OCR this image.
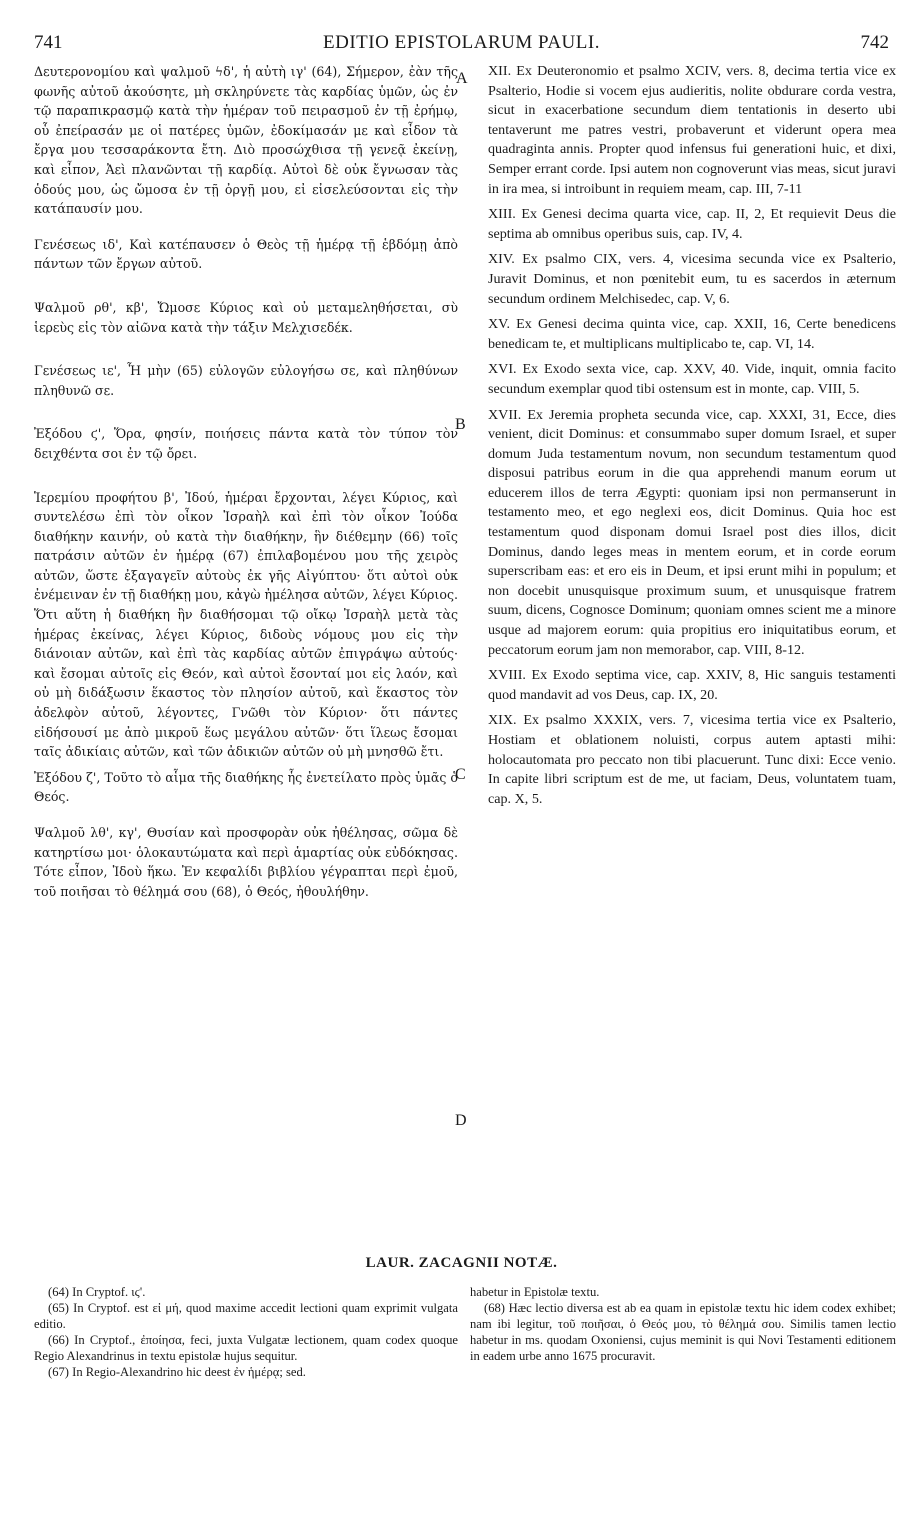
741	EDITIO EPISTOLARUM PAULI.	742

Δευτερονομίου καὶ ψαλμοῦ ϟδ', ἡ αὐτὴ ιγ' (64), Σήμερον, ἐὰν τῆς φωνῆς αὐτοῦ ἀκούσητε, μὴ σκληρύνετε τὰς καρδίας ὑμῶν, ὡς ἐν τῷ παραπικρασμῷ κατὰ τὴν ἡμέραν τοῦ πειρασμοῦ ἐν τῇ ἐρήμῳ, οὗ ἐπείρασάν με οἱ πατέρες ὑμῶν, ἐδοκίμασάν με καὶ εἶδον τὰ ἔργα μου τεσσαράκοντα ἔτη. Διὸ προσώχθισα τῇ γενεᾷ ἐκείνῃ, καὶ εἶπον, Ἀεὶ πλανῶνται τῇ καρδίᾳ. Αὐτοὶ δὲ οὐκ ἔγνωσαν τὰς ὁδούς μου, ὡς ὤμοσα ἐν τῇ ὀργῇ μου, εἰ εἰσελεύσονται εἰς τὴν κατάπαυσίν μου.

Γενέσεως ιδ', Καὶ κατέπαυσεν ὁ Θεὸς τῇ ἡμέρᾳ τῇ ἑβδόμῃ ἀπὸ πάντων τῶν ἔργων αὐτοῦ.

Ψαλμοῦ ρθ', κβ', Ὤμοσε Κύριος καὶ οὐ μεταμεληθήσεται, σὺ ἱερεὺς εἰς τὸν αἰῶνα κατὰ τὴν τάξιν Μελχισεδέκ.

Γενέσεως ιε', Ἦ μὴν (65) εὐλογῶν εὐλογήσω σε, καὶ πληθύνων πληθυνῶ σε.

Ἐξόδου ϛ', Ὅρα, φησίν, ποιήσεις πάντα κατὰ τὸν τύπον τὸν δειχθέντα σοι ἐν τῷ ὄρει.

Ἱερεμίου προφήτου β', Ἰδού, ἡμέραι ἔρχονται, λέγει Κύριος, καὶ συντελέσω ἐπὶ τὸν οἶκον Ἰσραὴλ καὶ ἐπὶ τὸν οἶκον Ἰούδα διαθήκην καινήν, οὐ κατὰ τὴν διαθήκην, ἣν διέθεμην (66) τοῖς πατράσιν αὐτῶν ἐν ἡμέρᾳ (67) ἐπιλαβομένου μου τῆς χειρὸς αὐτῶν, ὥστε ἐξαγαγεῖν αὐτοὺς ἐκ γῆς Αἰγύπτου· ὅτι αὐτοὶ οὐκ ἐνέμειναν ἐν τῇ διαθήκῃ μου, κἀγὼ ἠμέλησα αὐτῶν, λέγει Κύριος. Ὅτι αὕτη ἡ διαθήκη ἣν διαθήσομαι τῷ οἴκῳ Ἰσραὴλ μετὰ τὰς ἡμέρας ἐκείνας, λέγει Κύριος, διδοὺς νόμους μου εἰς τὴν διάνοιαν αὐτῶν, καὶ ἐπὶ τὰς καρδίας αὐτῶν ἐπιγράψω αὐτούς· καὶ ἔσομαι αὐτοῖς εἰς Θεόν, καὶ αὐτοὶ ἔσονταί μοι εἰς λαόν, καὶ οὐ μὴ διδάξωσιν ἕκαστος τὸν πλησίον αὐτοῦ, καὶ ἕκαστος τὸν ἀδελφὸν αὐτοῦ, λέγοντες, Γνῶθι τὸν Κύριον· ὅτι πάντες εἰδήσουσί με ἀπὸ μικροῦ ἕως μεγάλου αὐτῶν· ὅτι ἵλεως ἔσομαι ταῖς ἀδικίαις αὐτῶν, καὶ τῶν ἀδικιῶν αὐτῶν οὐ μὴ μνησθῶ ἔτι.

Ἐξόδου ζ', Τοῦτο τὸ αἷμα τῆς διαθήκης ἧς ἐνετείλατο πρὸς ὑμᾶς ὁ Θεός.

Ψαλμοῦ λθ', κγ', Θυσίαν καὶ προσφορὰν οὐκ ἠθέλησας, σῶμα δὲ κατηρτίσω μοι· ὁλοκαυτώματα καὶ περὶ ἁμαρτίας οὐκ εὐδόκησας. Τότε εἶπον, Ἰδοὺ ἥκω. Ἐν κεφαλίδι βιβλίου γέγραπται περὶ ἐμοῦ, τοῦ ποιῆσαι τὸ θέλημά σου (68), ὁ Θεός, ἠθουλήθην.

A
B
C
D

XII. Ex Deuteronomio et psalmo XCIV, vers. 8, decima tertia vice ex Psalterio, Hodie si vocem ejus audieritis, nolite obdurare corda vestra, sicut in exacerbatione secundum diem tentationis in deserto ubi tentaverunt me patres vestri, probaverunt et viderunt opera mea quadraginta annis. Propter quod infensus fui generationi huic, et dixi, Semper errant corde. Ipsi autem non cognoverunt vias meas, sicut juravi in ira mea, si introibunt in requiem meam, cap. III, 7-11

XIII. Ex Genesi decima quarta vice, cap. II, 2, Et requievit Deus die septima ab omnibus operibus suis, cap. IV, 4.

XIV. Ex psalmo CIX, vers. 4, vicesima secunda vice ex Psalterio, Juravit Dominus, et non pœnitebit eum, tu es sacerdos in æternum secundum ordinem Melchisedec, cap. V, 6.

XV. Ex Genesi decima quinta vice, cap. XXII, 16, Certe benedicens benedicam te, et multiplicans multiplicabo te, cap. VI, 14.

XVI. Ex Exodo sexta vice, cap. XXV, 40. Vide, inquit, omnia facito secundum exemplar quod tibi ostensum est in monte, cap. VIII, 5.

XVII. Ex Jeremia propheta secunda vice, cap. XXXI, 31, Ecce, dies venient, dicit Dominus: et consummabo super domum Israel, et super domum Juda testamentum novum, non secundum testamentum quod disposui patribus eorum in die qua apprehendi manum eorum ut educerem illos de terra Ægypti: quoniam ipsi non permanserunt in testamento meo, et ego neglexi eos, dicit Dominus. Quia hoc est testamentum quod disponam domui Israel post dies illos, dicit Dominus, dando leges meas in mentem eorum, et in corde eorum superscribam eas: et ero eis in Deum, et ipsi erunt mihi in populum; et non docebit unusquisque proximum suum, et unusquisque fratrem suum, dicens, Cognosce Dominum; quoniam omnes scient me a minore usque ad majorem eorum: quia propitius ero iniquitatibus eorum, et peccatorum eorum jam non memorabor, cap. VIII, 8-12.

XVIII. Ex Exodo septima vice, cap. XXIV, 8, Hic sanguis testamenti quod mandavit ad vos Deus, cap. IX, 20.

XIX. Ex psalmo XXXIX, vers. 7, vicesima tertia vice ex Psalterio, Hostiam et oblationem noluisti, corpus autem aptasti mihi: holocautomata pro peccato non tibi placuerunt. Tunc dixi: Ecce venio. In capite libri scriptum est de me, ut faciam, Deus, voluntatem tuam, cap. X, 5.

LAUR. ZACAGNII NOTÆ.

(64) In Cryptof. ιϛ'.

(65) In Cryptof. est εἰ μή, quod maxime accedit lectioni quam exprimit vulgata editio.

(66) In Cryptof., ἐποίησα, feci, juxta Vulgatæ lectionem, quam codex quoque Regio Alexandrinus in textu epistolæ hujus sequitur.

(67) In Regio-Alexandrino hic deest ἐν ἡμέρᾳ; sed.

habetur in Epistolæ textu.

(68) Hæc lectio diversa est ab ea quam in epistolæ textu hic idem codex exhibet; nam ibi legitur, τοῦ ποιῆσαι, ὁ Θεός μου, τὸ θέλημά σου. Similis tamen lectio habetur in ms. quodam Oxoniensi, cujus meminit is qui Novi Testamenti editionem in eadem urbe anno 1675 procuravit.
